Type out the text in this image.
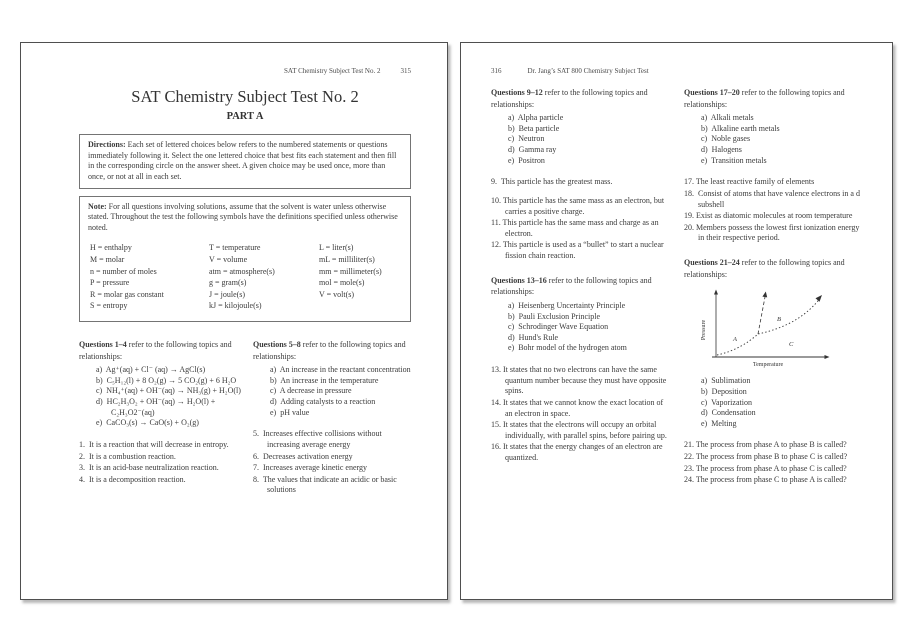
SAT Chemistry Subject Test No. 2	315
SAT Chemistry Subject Test No. 2
PART A
Directions: Each set of lettered choices below refers to the numbered statements or questions immediately following it. Select the one lettered choice that best fits each statement and then fill in the corresponding circle on the answer sheet. A given choice may be used once, more than once, or not at all in each set.
Note: For all questions involving solutions, assume that the solvent is water unless otherwise stated. Throughout the test the following symbols have the definitions specified unless otherwise noted.
H = enthalpy
M = molar
n = number of moles
P = pressure
R = molar gas constant
S = entropy
T = temperature
V = volume
atm = atmosphere(s)
g = gram(s)
J = joule(s)
kJ = kilojoule(s)
L = liter(s)
mL = milliliter(s)
mm = millimeter(s)
mol = mole(s)
V = volt(s)

Questions 1–4 refer to the following topics and relationships:

a)  Ag⁺(aq) + Cl⁻ (aq) → AgCl(s)
b)  C₅H₁₂(l) + 8 O₂(g) → 5 CO₂(g) + 6 H₂O
c)  NH₄⁺(aq) + OH⁻(aq) → NH₃(g) + H₂O(l)
d)  HC₂H₃O₂ + OH⁻(aq) → H₂O(l) + C₂H₃O2⁻(aq)
e)  CaCO₃(s) → CaO(s) + O₂(g)
1.  It is a reaction that will decrease in entropy.
2.  It is a combustion reaction.
3.  It is an acid-base neutralization reaction.
4.  It is a decomposition reaction.

Questions 5–8 refer to the following topics and relationships:

a)  An increase in the reactant concentration
b)  An increase in the temperature
c)  A decrease in pressure
d)  Adding catalysts to a reaction
e)  pH value
5.  Increases effective collisions without increasing average energy
6.  Decreases activation energy
7.  Increases average kinetic energy
8.  The values that indicate an acidic or basic solutions
316	Dr. Jang’s SAT 800 Chemistry Subject Test

Questions 9–12 refer to the following topics and relationships:

a)  Alpha particle
b)  Beta particle
c)  Neutron
d)  Gamma ray
e)  Positron
9.  This particle has the greatest mass.
10. This particle has the same mass as an electron, but carries a positive charge.
11. This particle has the same mass and charge as an electron.
12. This particle is used as a “bullet” to start a nuclear fission chain reaction.

Questions 13–16 refer to the following topics and relationships:

a)  Heisenberg Uncertainty Principle
b)  Pauli Exclusion Principle
c)  Schrodinger Wave Equation
d)  Hund's Rule
e)  Bohr model of the hydrogen atom
13. It states that no two electrons can have the same quantum number because they must have opposite spins.
14. It states that we cannot know the exact location of an electron in space.
15. It states that the electrons will occupy an orbital individually, with parallel spins, before pairing up.
16. It states that the energy changes of an electron are quantized.

Questions 17–20 refer to the following topics and relationships:

a)  Alkali metals
b)  Alkaline earth metals
c)  Noble gases
d)  Halogens
e)  Transition metals
17. The least reactive family of elements
18.  Consist of atoms that have valence electrons in a d subshell
19. Exist as diatomic molecules at room temperature
20. Members possess the lowest first ionization energy in their respective period.

Questions 21–24 refer to the following topics and relationships:

Pressure
Temperature
A
B
C
a)  Sublimation
b)  Deposition
c)  Vaporization
d)  Condensation
e)  Melting
21. The process from phase A to phase B is called?
22. The process from phase B to phase C is called?
23. The process from phase A to phase C is called?
24. The process from phase C to phase A is called?
